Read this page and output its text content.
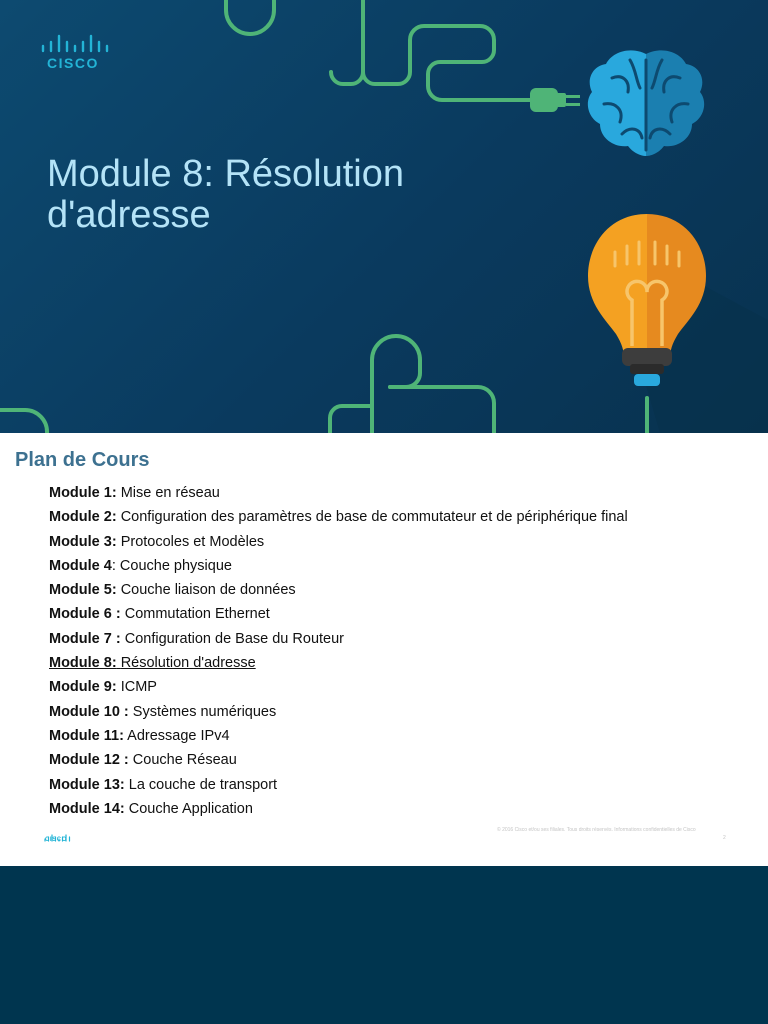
CISCO
Module 8: Résolution d'adresse
Plan de Cours
Module 1: Mise en réseau
Module 2: Configuration des paramètres de base de commutateur et de périphérique final
Module 3: Protocoles et Modèles
Module 4: Couche physique
Module 5: Couche liaison de données
Module 6 : Commutation Ethernet
Module 7 : Configuration de Base du Routeur
Module 8: Résolution d'adresse
Module 9: ICMP
Module 10 : Systèmes numériques
Module 11: Adressage IPv4
Module 12 : Couche Réseau
Module 13: La couche de transport
Module 14: Couche Application
CISCO
© 2016 Cisco et/ou ses filiales. Tous droits réservés. Informations confidentielles de Cisco
2
